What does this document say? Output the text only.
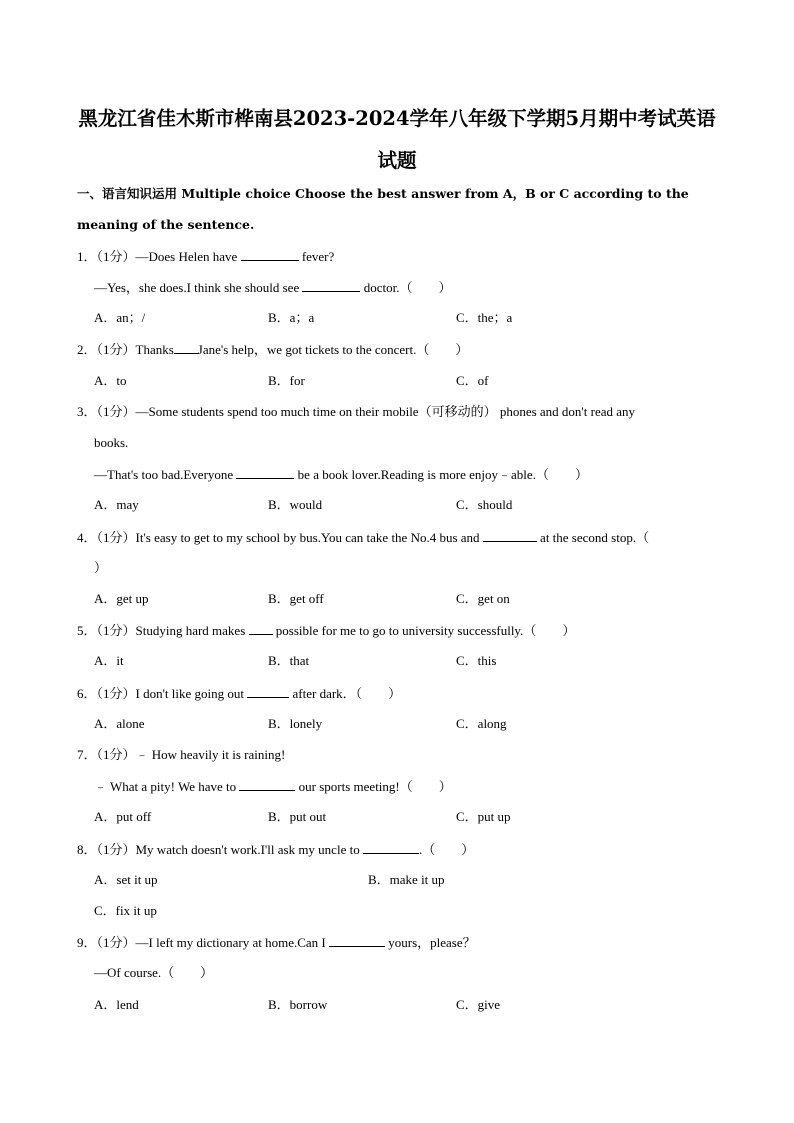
黑龙江省佳木斯市桦南县2023-2024学年八年级下学期5月期中考试英语
试题
一、语言知识运用 Multiple choice Choose the best answer from A，B or C according to the meaning of the sentence.
1．（1分）—Does Helen have	fever?
—Yes，she does.I think she should see	doctor.（　　）
A．an；/	B．a；a	C．the；a
2．（1分）Thanks Jane's help，we got tickets to the concert.（　　）
A．to	B．for	C．of
3．（1分）—Some students spend too much time on their mobile（可移动的） phones and don't read any
books.
—That's too bad.Everyone	be a book lover.Reading is more enjoy﹣able.（　　）
A．may	B．would	C．should
4．（1分）It's easy to get to my school by bus.You can take the No.4 bus and	at the second stop.（
）
A．get up	B．get off	C．get on
5．（1分）Studying hard makes  possible for me to go to university successfully.（　　）
A．it	B．that	C．this
6．（1分）I don't like going out	after dark．（　　）
A．alone	B．lonely	C．along
7．（1分）﹣ How heavily it is raining!
﹣ What a pity! We have to	our sports meeting!（　　）
A．put off	B．put out	C．put up
8．（1分）My watch doesn't work.I'll ask my uncle to	.（　　）
A．set it up	B．make it up
C．fix it up
9．（1分）—I left my dictionary at home.Can I	yours，please？
—Of course.（　　）
A．lend	B．borrow	C．give
